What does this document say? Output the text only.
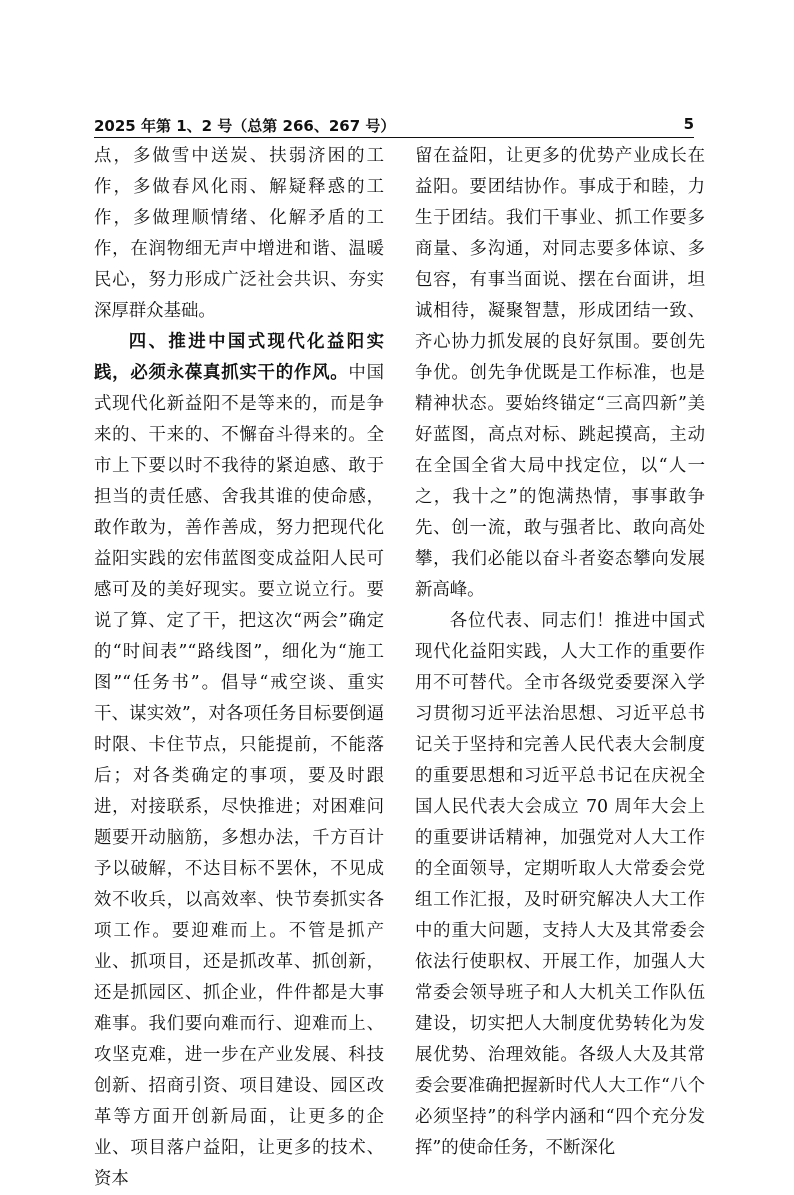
2025 年第 1、2 号（总第 266、267 号）	5

点，多做雪中送炭、扶弱济困的工作，多做春风化雨、解疑释惑的工作，多做理顺情绪、化解矛盾的工作，在润物细无声中增进和谐、温暖民心，努力形成广泛社会共识、夯实深厚群众基础。

四、推进中国式现代化益阳实践，必须永葆真抓实干的作风。中国式现代化新益阳不是等来的，而是争来的、干来的、不懈奋斗得来的。全市上下要以时不我待的紧迫感、敢于担当的责任感、舍我其谁的使命感，敢作敢为，善作善成，努力把现代化益阳实践的宏伟蓝图变成益阳人民可感可及的美好现实。要立说立行。要说了算、定了干，把这次“两会”确定的“时间表”“路线图”，细化为“施工图”“任务书”。倡导“戒空谈、重实干、谋实效”，对各项任务目标要倒逼时限、卡住节点，只能提前，不能落后；对各类确定的事项，要及时跟进，对接联系，尽快推进；对困难问题要开动脑筋，多想办法，千方百计予以破解，不达目标不罢休，不见成效不收兵，以高效率、快节奏抓实各项工作。要迎难而上。不管是抓产业、抓项目，还是抓改革、抓创新，还是抓园区、抓企业，件件都是大事难事。我们要向难而行、迎难而上、攻坚克难，进一步在产业发展、科技创新、招商引资、项目建设、园区改革等方面开创新局面，让更多的企业、项目落户益阳，让更多的技术、资本

留在益阳，让更多的优势产业成长在益阳。要团结协作。事成于和睦，力生于团结。我们干事业、抓工作要多商量、多沟通，对同志要多体谅、多包容，有事当面说、摆在台面讲，坦诚相待，凝聚智慧，形成团结一致、齐心协力抓发展的良好氛围。要创先争优。创先争优既是工作标准，也是精神状态。要始终锚定“三高四新”美好蓝图，高点对标、跳起摸高，主动在全国全省大局中找定位，以“人一之，我十之”的饱满热情，事事敢争先、创一流，敢与强者比、敢向高处攀，我们必能以奋斗者姿态攀向发展新高峰。

各位代表、同志们！推进中国式现代化益阳实践，人大工作的重要作用不可替代。全市各级党委要深入学习贯彻习近平法治思想、习近平总书记关于坚持和完善人民代表大会制度的重要思想和习近平总书记在庆祝全国人民代表大会成立 70 周年大会上的重要讲话精神，加强党对人大工作的全面领导，定期听取人大常委会党组工作汇报，及时研究解决人大工作中的重大问题，支持人大及其常委会依法行使职权、开展工作，加强人大常委会领导班子和人大机关工作队伍建设，切实把人大制度优势转化为发展优势、治理效能。各级人大及其常委会要准确把握新时代人大工作“八个必须坚持”的科学内涵和“四个充分发挥”的使命任务，不断深化
